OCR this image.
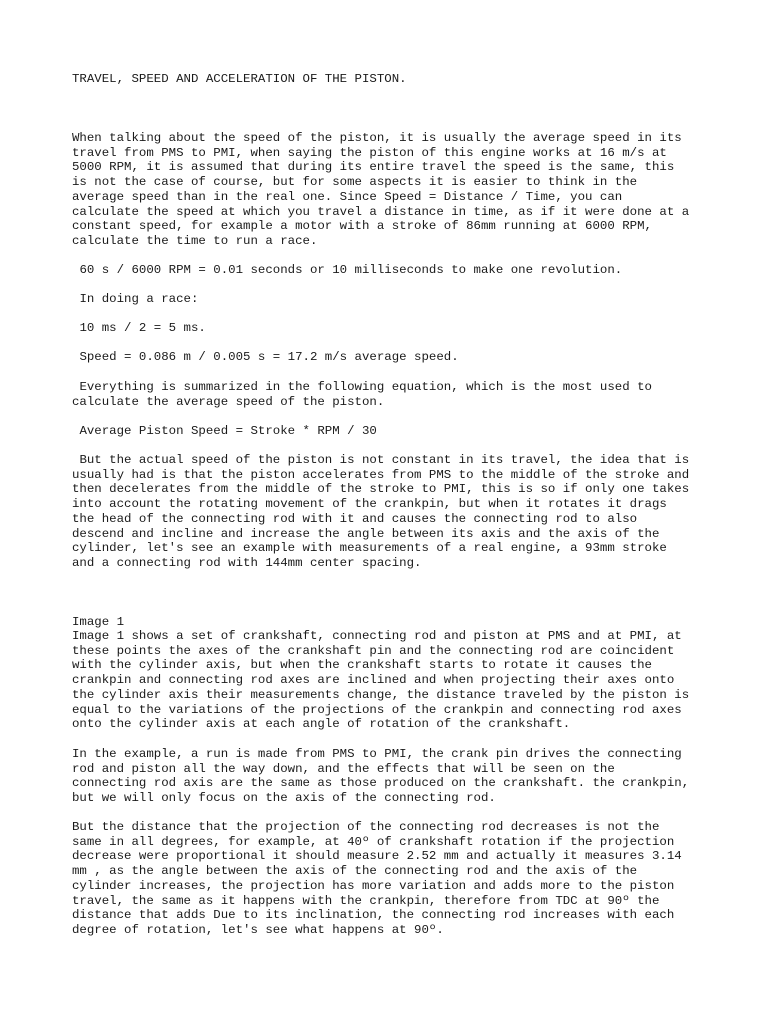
TRAVEL, SPEED AND ACCELERATION OF THE PISTON.

When talking about the speed of the piston, it is usually the average speed in its
travel from PMS to PMI, when saying the piston of this engine works at 16 m/s at
5000 RPM, it is assumed that during its entire travel the speed is the same, this
is not the case of course, but for some aspects it is easier to think in the
average speed than in the real one. Since Speed = Distance / Time, you can
calculate the speed at which you travel a distance in time, as if it were done at a
constant speed, for example a motor with a stroke of 86mm running at 6000 RPM,
calculate the time to run a race.

60 s / 6000 RPM = 0.01 seconds or 10 milliseconds to make one revolution.

In doing a race:

10 ms / 2 = 5 ms.

Speed = 0.086 m / 0.005 s = 17.2 m/s average speed.

Everything is summarized in the following equation, which is the most used to
calculate the average speed of the piston.

Average Piston Speed = Stroke * RPM / 30

But the actual speed of the piston is not constant in its travel, the idea that is
usually had is that the piston accelerates from PMS to the middle of the stroke and
then decelerates from the middle of the stroke to PMI, this is so if only one takes
into account the rotating movement of the crankpin, but when it rotates it drags
the head of the connecting rod with it and causes the connecting rod to also
descend and incline and increase the angle between its axis and the axis of the
cylinder, let's see an example with measurements of a real engine, a 93mm stroke
and a connecting rod with 144mm center spacing.

Image 1

Image 1 shows a set of crankshaft, connecting rod and piston at PMS and at PMI, at
these points the axes of the crankshaft pin and the connecting rod are coincident
with the cylinder axis, but when the crankshaft starts to rotate it causes the
crankpin and connecting rod axes are inclined and when projecting their axes onto
the cylinder axis their measurements change, the distance traveled by the piston is
equal to the variations of the projections of the crankpin and connecting rod axes
onto the cylinder axis at each angle of rotation of the crankshaft.

In the example, a run is made from PMS to PMI, the crank pin drives the connecting
rod and piston all the way down, and the effects that will be seen on the
connecting rod axis are the same as those produced on the crankshaft. the crankpin,
but we will only focus on the axis of the connecting rod.

But the distance that the projection of the connecting rod decreases is not the
same in all degrees, for example, at 40º of crankshaft rotation if the projection
decrease were proportional it should measure 2.52 mm and actually it measures 3.14
mm , as the angle between the axis of the connecting rod and the axis of the
cylinder increases, the projection has more variation and adds more to the piston
travel, the same as it happens with the crankpin, therefore from TDC at 90º the
distance that adds Due to its inclination, the connecting rod increases with each
degree of rotation, let's see what happens at 90º.
